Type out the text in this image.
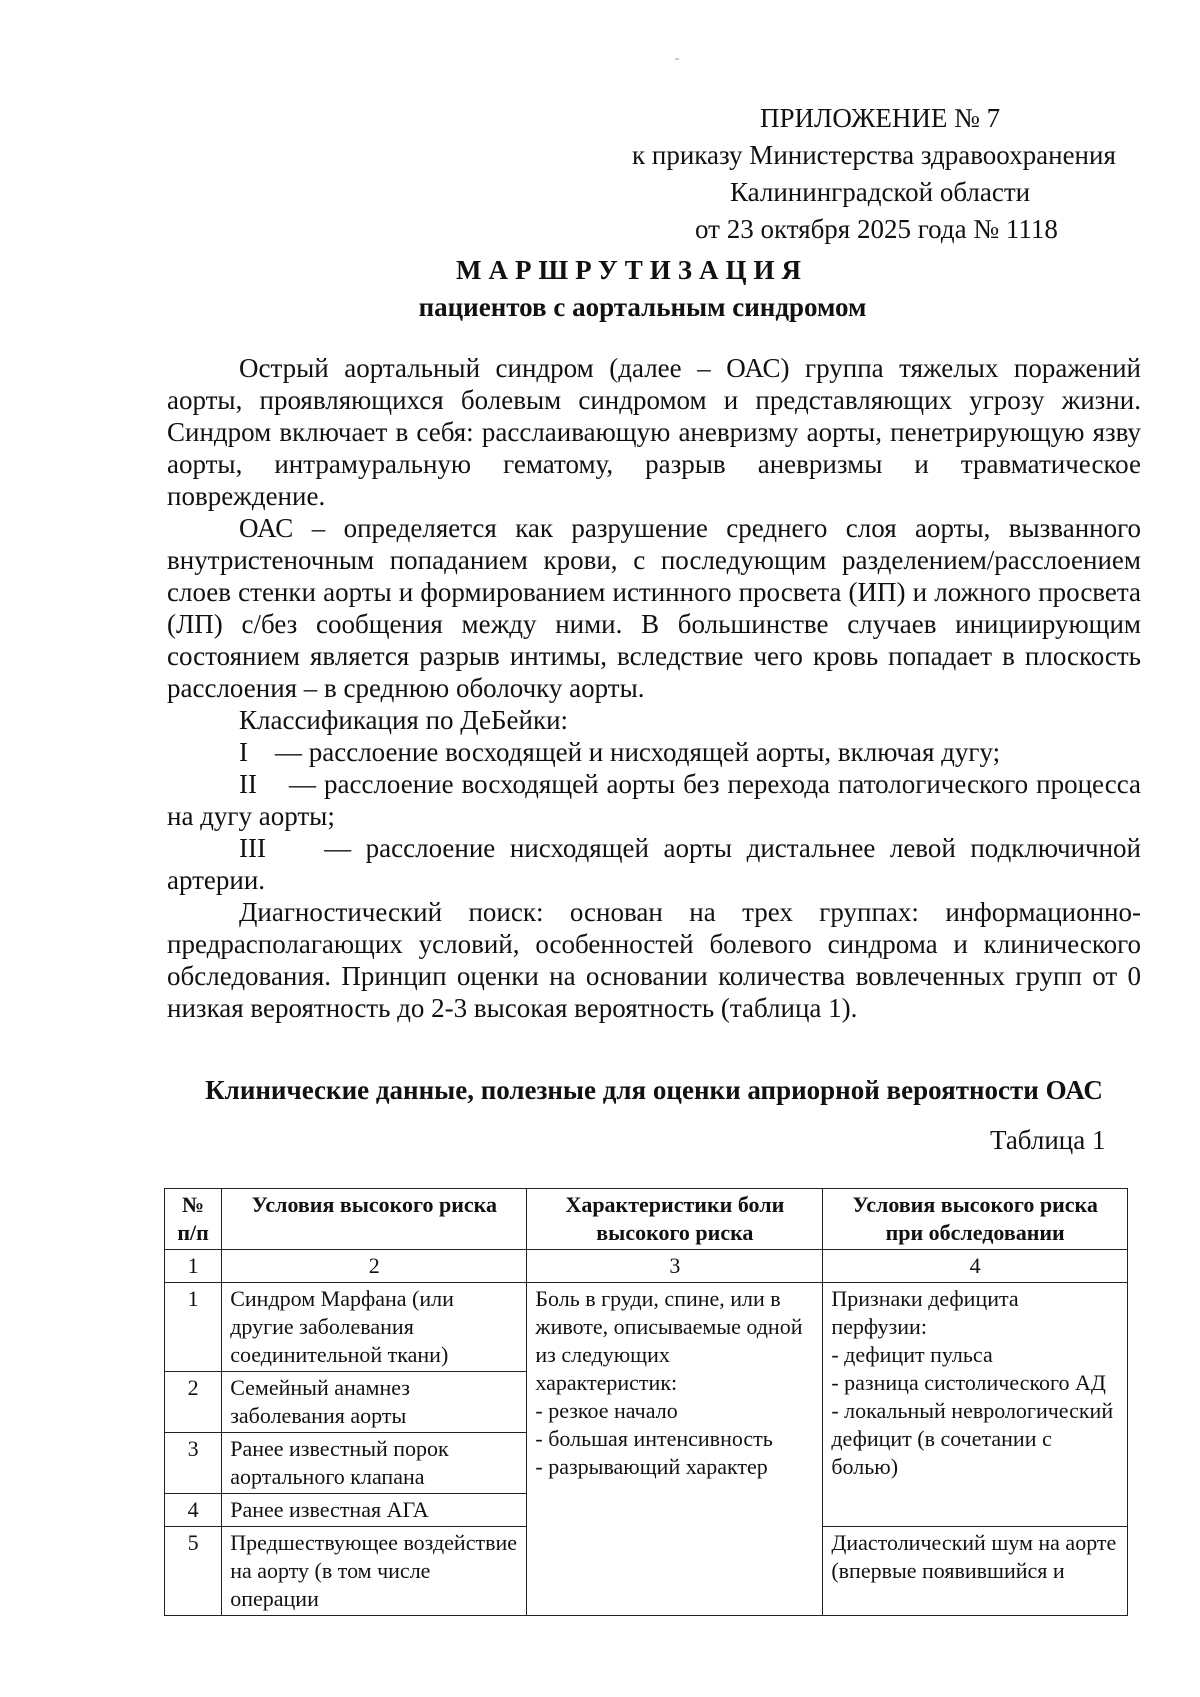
ПРИЛОЖЕНИЕ № 7
к приказу Министерства здравоохранения
Калининградской области
от 23 октября 2025 года № 1118
МАРШРУТИЗАЦИЯ
пациентов с аортальным синдромом

Острый аортальный синдром (далее – ОАС) группа тяжелых поражений аорты, проявляющихся болевым синдромом и представляющих угрозу жизни. Синдром включает в себя: расслаивающую аневризму аорты, пенетрирующую язву аорты, интрамуральную гематому, разрыв аневризмы и травматическое повреждение.

ОАС – определяется как разрушение среднего слоя аорты, вызванного внутристеночным попаданием крови, с последующим разделением/расслоением слоев стенки аорты и формированием истинного просвета (ИП) и ложного просвета (ЛП) с/без сообщения между ними. В большинстве случаев инициирующим состоянием является разрыв интимы, вследствие чего кровь попадает в плоскость расслоения – в среднюю оболочку аорты.

Классификация по ДеБейки:

I    — расслоение восходящей и нисходящей аорты, включая дугу;

II    — расслоение восходящей аорты без перехода патологического процесса на дугу аорты;

III    — расслоение нисходящей аорты дистальнее левой подключичной артерии.

Диагностический поиск: основан на трех группах: информационно-предрасполагающих условий, особенностей болевого синдрома и клинического обследования. Принцип оценки на основании количества вовлеченных групп от 0 низкая вероятность до 2-3 высокая вероятность (таблица 1).

Клинические данные, полезные для оценки априорной вероятности ОАС
Таблица 1
№ п/п	Условия высокого риска	Характеристики боли высокого риска	Условия высокого риска при обследовании
1	2	3	4
1	Синдром Марфана (или другие заболевания соединительной ткани)	Боль в груди, спине, или в животе, описываемые одной из следующих характеристик:
- резкое начало
- большая интенсивность
- разрывающий характер	Признаки дефицита перфузии:
- дефицит пульса
- разница систолического АД
- локальный неврологический дефицит (в сочетании с болью)
2	Семейный анамнез заболевания аорты		
3	Ранее известный порок аортального клапана		
4	Ранее известная АГА		
5	Предшествующее воздействие на аорту (в том числе операции		Диастолический шум на аорте (впервые появившийся и
